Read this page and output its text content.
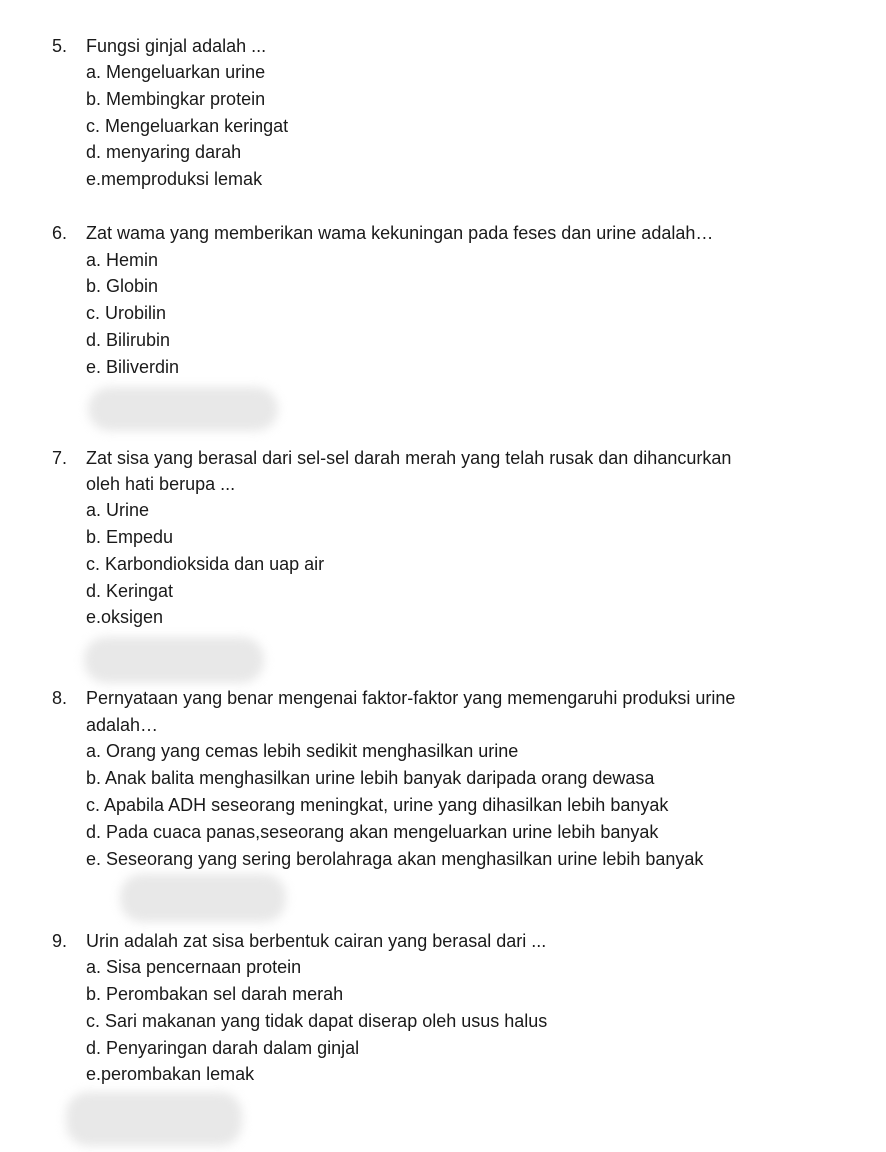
5. Fungsi ginjal adalah ...
a. Mengeluarkan urine
b. Membingkar protein
c. Mengeluarkan keringat
d. menyaring darah
e.memproduksi lemak
6. Zat wama yang memberikan wama kekuningan pada feses dan urine adalah…
a. Hemin
b. Globin
c. Urobilin
d. Bilirubin
e. Biliverdin
7. Zat sisa yang berasal dari sel-sel darah merah yang telah rusak dan dihancurkan
oleh hati berupa ...
a. Urine
b. Empedu
c. Karbondioksida dan uap air
d. Keringat
e.oksigen
8. Pernyataan yang benar mengenai faktor-faktor yang memengaruhi produksi urine
adalah…
a. Orang yang cemas lebih sedikit menghasilkan urine
b. Anak balita menghasilkan urine lebih banyak daripada orang dewasa
c. Apabila ADH seseorang meningkat, urine yang dihasilkan lebih banyak
d. Pada cuaca panas,seseorang akan mengeluarkan urine lebih banyak
e. Seseorang yang sering berolahraga akan menghasilkan urine lebih banyak
9. Urin adalah zat sisa berbentuk cairan yang berasal dari ...
a. Sisa pencernaan protein
b. Perombakan sel darah merah
c. Sari makanan yang tidak dapat diserap oleh usus halus
d. Penyaringan darah dalam ginjal
e.perombakan lemak
